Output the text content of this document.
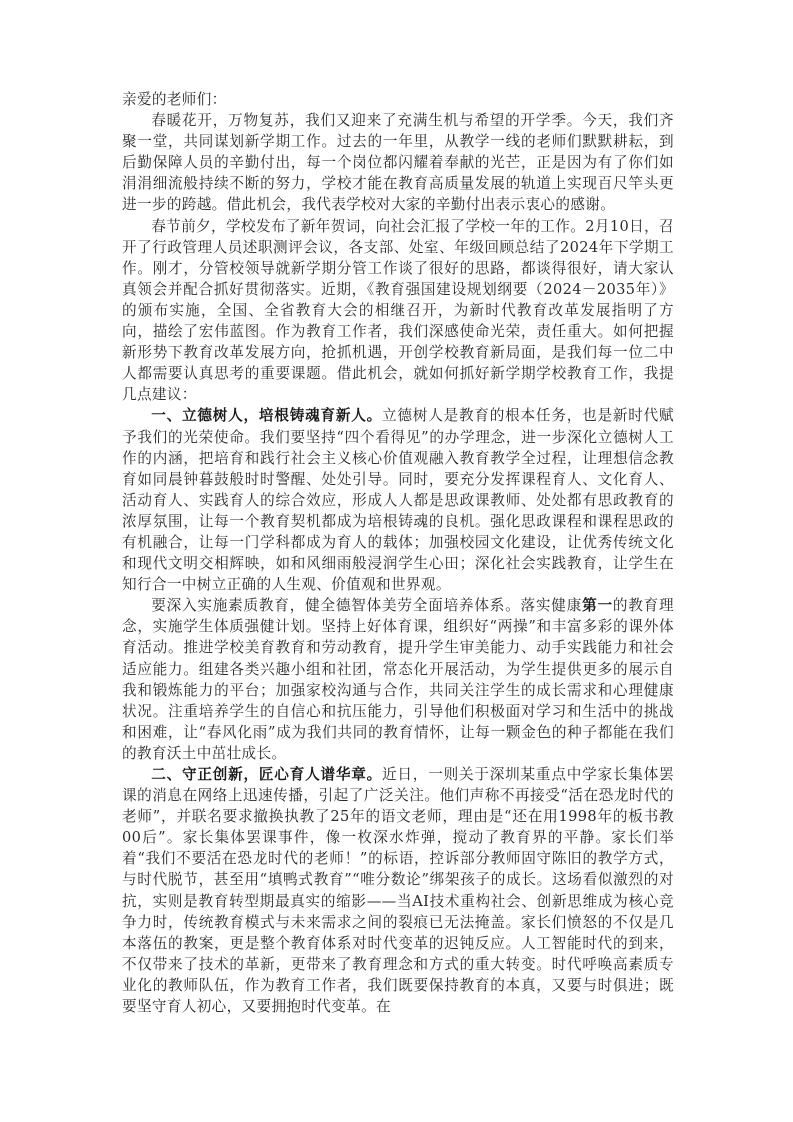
亲爱的老师们：

春暖花开，万物复苏，我们又迎来了充满生机与希望的开学季。今天，我们齐聚一堂，共同谋划新学期工作。过去的一年里，从教学一线的老师们默默耕耘，到后勤保障人员的辛勤付出，每一个岗位都闪耀着奉献的光芒，正是因为有了你们如涓涓细流般持续不断的努力，学校才能在教育高质量发展的轨道上实现百尺竿头更进一步的跨越。借此机会，我代表学校对大家的辛勤付出表示衷心的感谢。

春节前夕，学校发布了新年贺词，向社会汇报了学校一年的工作。2月10日，召开了行政管理人员述职测评会议，各支部、处室、年级回顾总结了2024年下学期工作。刚才，分管校领导就新学期分管工作谈了很好的思路，都谈得很好，请大家认真领会并配合抓好贯彻落实。近期，《教育强国建设规划纲要（2024－2035年）》的颁布实施，全国、全省教育大会的相继召开，为新时代教育改革发展指明了方向，描绘了宏伟蓝图。作为教育工作者，我们深感使命光荣，责任重大。如何把握新形势下教育改革发展方向，抢抓机遇，开创学校教育新局面，是我们每一位二中人都需要认真思考的重要课题。借此机会，就如何抓好新学期学校教育工作，我提几点建议：

一、立德树人，培根铸魂育新人。立德树人是教育的根本任务，也是新时代赋予我们的光荣使命。我们要坚持“四个看得见”的办学理念，进一步深化立德树人工作的内涵，把培育和践行社会主义核心价值观融入教育教学全过程，让理想信念教育如同晨钟暮鼓般时时警醒、处处引导。同时，要充分发挥课程育人、文化育人、活动育人、实践育人的综合效应，形成人人都是思政课教师、处处都有思政教育的浓厚氛围，让每一个教育契机都成为培根铸魂的良机。强化思政课程和课程思政的有机融合，让每一门学科都成为育人的载体；加强校园文化建设，让优秀传统文化和现代文明交相辉映，如和风细雨般浸润学生心田；深化社会实践教育，让学生在知行合一中树立正确的人生观、价值观和世界观。

要深入实施素质教育，健全德智体美劳全面培养体系。落实健康第一的教育理念，实施学生体质强健计划。坚持上好体育课，组织好“两操”和丰富多彩的课外体育活动。推进学校美育教育和劳动教育，提升学生审美能力、动手实践能力和社会适应能力。组建各类兴趣小组和社团，常态化开展活动，为学生提供更多的展示自我和锻炼能力的平台；加强家校沟通与合作，共同关注学生的成长需求和心理健康状况。注重培养学生的自信心和抗压能力，引导他们积极面对学习和生活中的挑战和困难，让“春风化雨”成为我们共同的教育情怀，让每一颗金色的种子都能在我们的教育沃土中茁壮成长。

二、守正创新，匠心育人谱华章。近日，一则关于深圳某重点中学家长集体罢课的消息在网络上迅速传播，引起了广泛关注。他们声称不再接受“活在恐龙时代的老师”，并联名要求撤换执教了25年的语文老师，理由是“还在用1998年的板书教00后”。家长集体罢课事件，像一枚深水炸弹，搅动了教育界的平静。家长们举着“我们不要活在恐龙时代的老师！”的标语，控诉部分教师固守陈旧的教学方式，与时代脱节，甚至用“填鸭式教育”“唯分数论”绑架孩子的成长。这场看似激烈的对抗，实则是教育转型期最真实的缩影——当AI技术重构社会、创新思维成为核心竞争力时，传统教育模式与未来需求之间的裂痕已无法掩盖。家长们愤怒的不仅是几本落伍的教案，更是整个教育体系对时代变革的迟钝反应。人工智能时代的到来，不仅带来了技术的革新，更带来了教育理念和方式的重大转变。时代呼唤高素质专业化的教师队伍，作为教育工作者，我们既要保持教育的本真，又要与时俱进；既要坚守育人初心，又要拥抱时代变革。在
